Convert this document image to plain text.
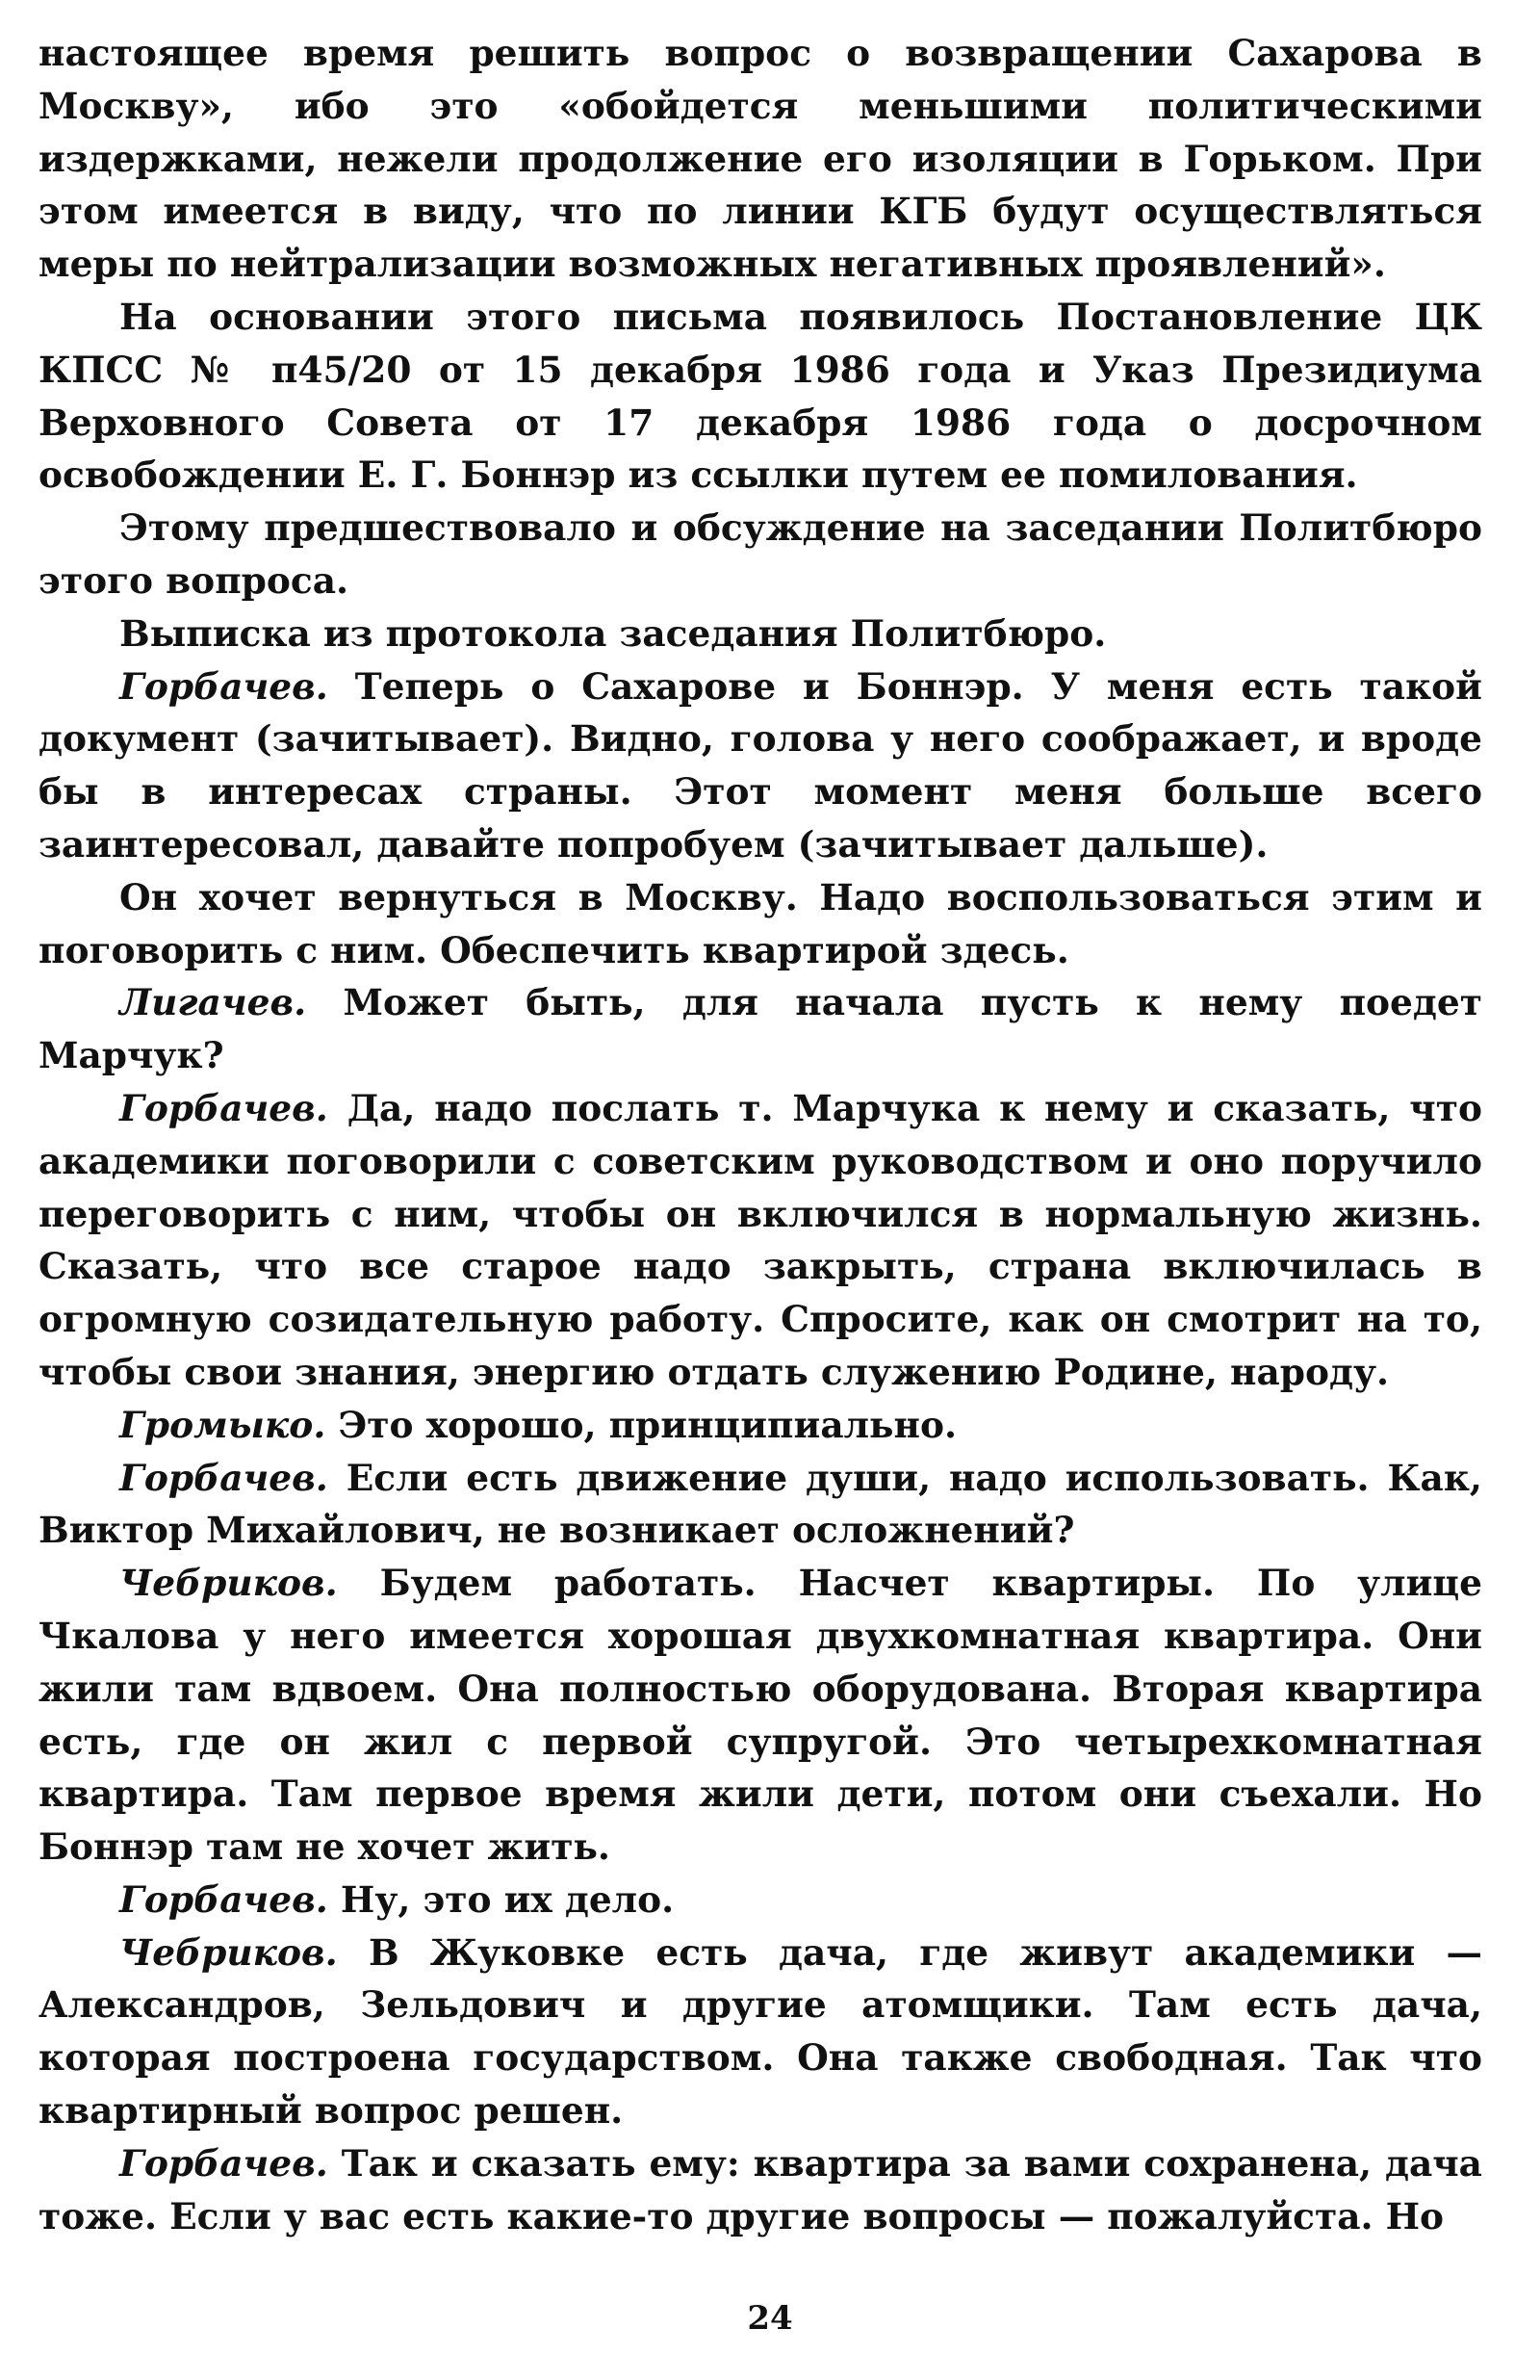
настоящее время решить вопрос о возвращении Сахарова в Москву», ибо это «обойдется меньшими политическими издержками, нежели продолжение его изоляции в Горьком. При этом имеется в виду, что по линии КГБ будут осуществляться меры по нейтрализации возможных негативных проявлений».

На основании этого письма появилось Постановление ЦК КПСС № п45/20 от 15 декабря 1986 года и Указ Президиума Верховного Совета от 17 декабря 1986 года о досрочном освобождении Е. Г. Боннэр из ссылки путем ее помилования.

Этому предшествовало и обсуждение на заседании Политбюро этого вопроса.

Выписка из протокола заседания Политбюро.

Горбачев. Теперь о Сахарове и Боннэр. У меня есть такой документ (зачитывает). Видно, голова у него соображает, и вроде бы в интересах страны. Этот момент меня больше всего заинтересовал, давайте попробуем (зачитывает дальше).

Он хочет вернуться в Москву. Надо воспользоваться этим и поговорить с ним. Обеспечить квартирой здесь.

Лигачев. Может быть, для начала пусть к нему поедет Марчук?

Горбачев. Да, надо послать т. Марчука к нему и сказать, что академики поговорили с советским руководством и оно поручило переговорить с ним, чтобы он включился в нормальную жизнь. Сказать, что все старое надо закрыть, страна включилась в огромную созидательную работу. Спросите, как он смотрит на то, чтобы свои знания, энергию отдать служению Родине, народу.

Громыко. Это хорошо, принципиально.

Горбачев. Если есть движение души, надо использовать. Как, Виктор Михайлович, не возникает осложнений?

Чебриков. Будем работать. Насчет квартиры. По улице Чкалова у него имеется хорошая двухкомнатная квартира. Они жили там вдвоем. Она полностью оборудована. Вторая квартира есть, где он жил с первой супругой. Это четырехкомнатная квартира. Там первое время жили дети, потом они съехали. Но Боннэр там не хочет жить.

Горбачев. Ну, это их дело.

Чебриков. В Жуковке есть дача, где живут академики — Александров, Зельдович и другие атомщики. Там есть дача, которая построена государством. Она также свободная. Так что квартирный вопрос решен.

Горбачев. Так и сказать ему: квартира за вами сохранена, дача тоже. Если у вас есть какие-то другие вопросы — пожалуйста. Но

24
